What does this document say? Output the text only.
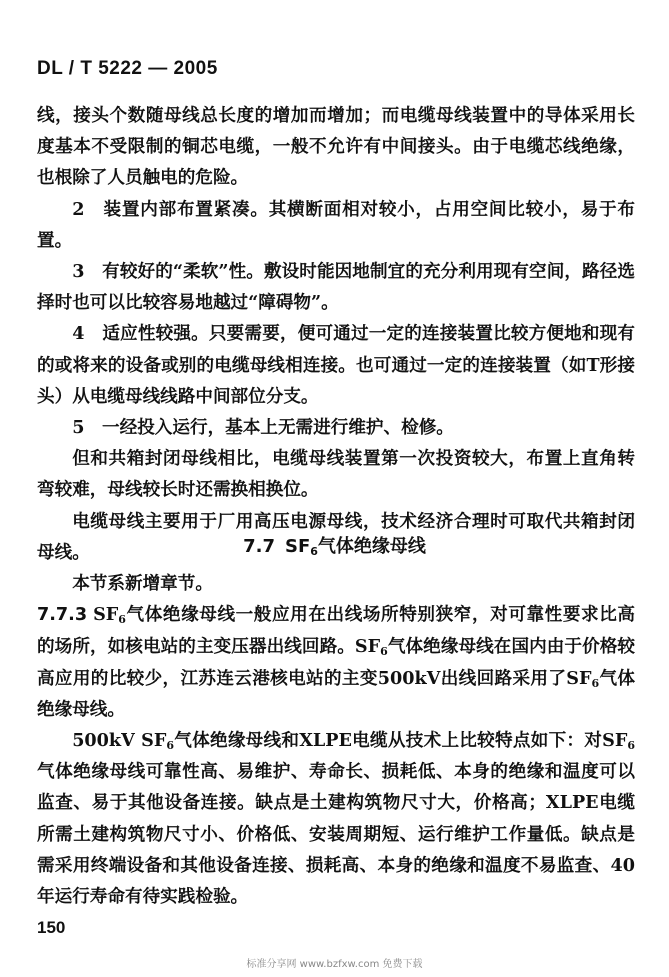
DL / T 5222 — 2005

线，接头个数随母线总长度的增加而增加；而电缆母线装置中的导体采用长度基本不受限制的铜芯电缆，一般不允许有中间接头。由于电缆芯线绝缘，也根除了人员触电的危险。

2　装置内部布置紧凑。其横断面相对较小，占用空间比较小，易于布置。

3　有较好的“柔软”性。敷设时能因地制宜的充分利用现有空间，路径选择时也可以比较容易地越过“障碍物”。

4　适应性较强。只要需要，便可通过一定的连接装置比较方便地和现有的或将来的设备或别的电缆母线相连接。也可通过一定的连接装置（如T形接头）从电缆母线线路中间部位分支。

5　一经投入运行，基本上无需进行维护、检修。

但和共箱封闭母线相比，电缆母线装置第一次投资较大，布置上直角转弯较难，母线较长时还需换相换位。

电缆母线主要用于厂用高压电源母线，技术经济合理时可取代共箱封闭母线。	7.7 $SF_6$气体绝缘母线

本节系新增章节。

7.7.3 $SF_6$气体绝缘母线一般应用在出线场所特别狭窄，对可靠性要求比高的场所，如核电站的主变压器出线回路。$SF_6$气体绝缘母线在国内由于价格较高应用的比较少，江苏连云港核电站的主变500kV出线回路采用了$SF_6$气体绝缘母线。

500kV $SF_6$气体绝缘母线和XLPE电缆从技术上比较特点如下：对$SF_6$气体绝缘母线可靠性高、易维护、寿命长、损耗低、本身的绝缘和温度可以监查、易于其他设备连接。缺点是土建构筑物尺寸大，价格高；XLPE电缆所需土建构筑物尺寸小、价格低、安装周期短、运行维护工作量低。缺点是需采用终端设备和其他设备连接、损耗高、本身的绝缘和温度不易监查、40年运行寿命有待实践检验。

150
标准分享网 www.bzfxw.com 免费下载
